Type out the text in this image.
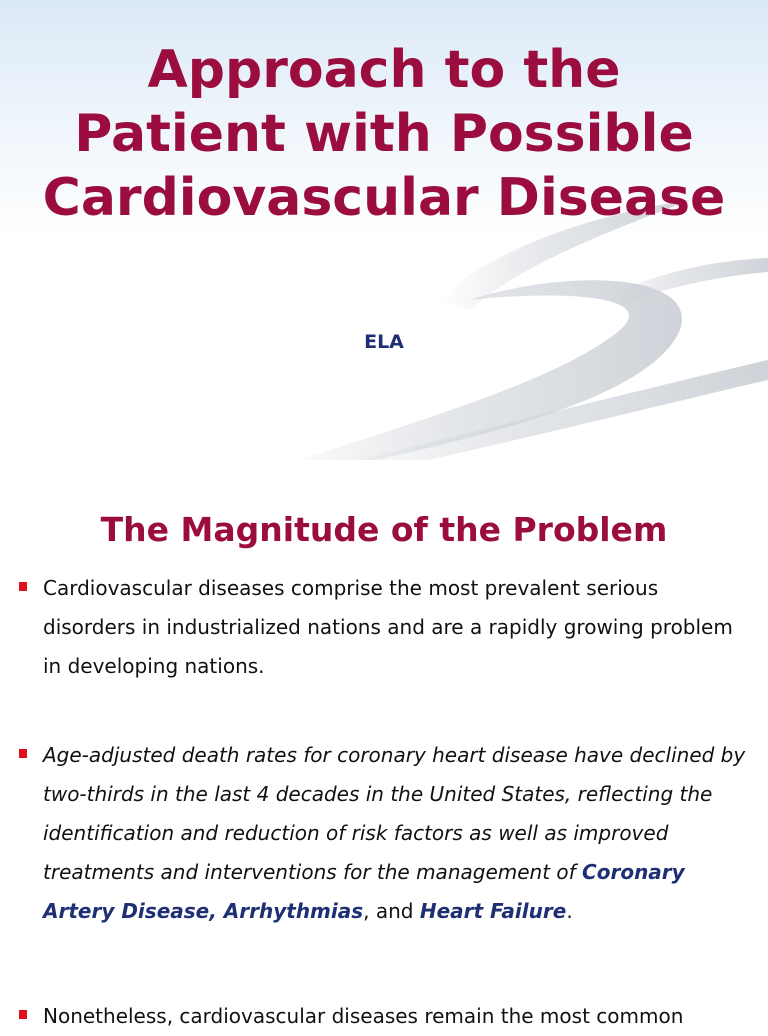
Approach to the Patient with Possible Cardiovascular Disease

ELA

The Magnitude of the Problem
Cardiovascular diseases comprise the most prevalent serious disorders in industrialized nations and are a rapidly growing problem in developing nations.
Age-adjusted death rates for coronary heart disease have declined by two-thirds in the last 4 decades in the United States, reflecting the identification and reduction of risk factors as well as improved treatments and interventions for the management of Coronary Artery Disease, Arrhythmias, and Heart Failure.
Nonetheless, cardiovascular diseases remain the most common
